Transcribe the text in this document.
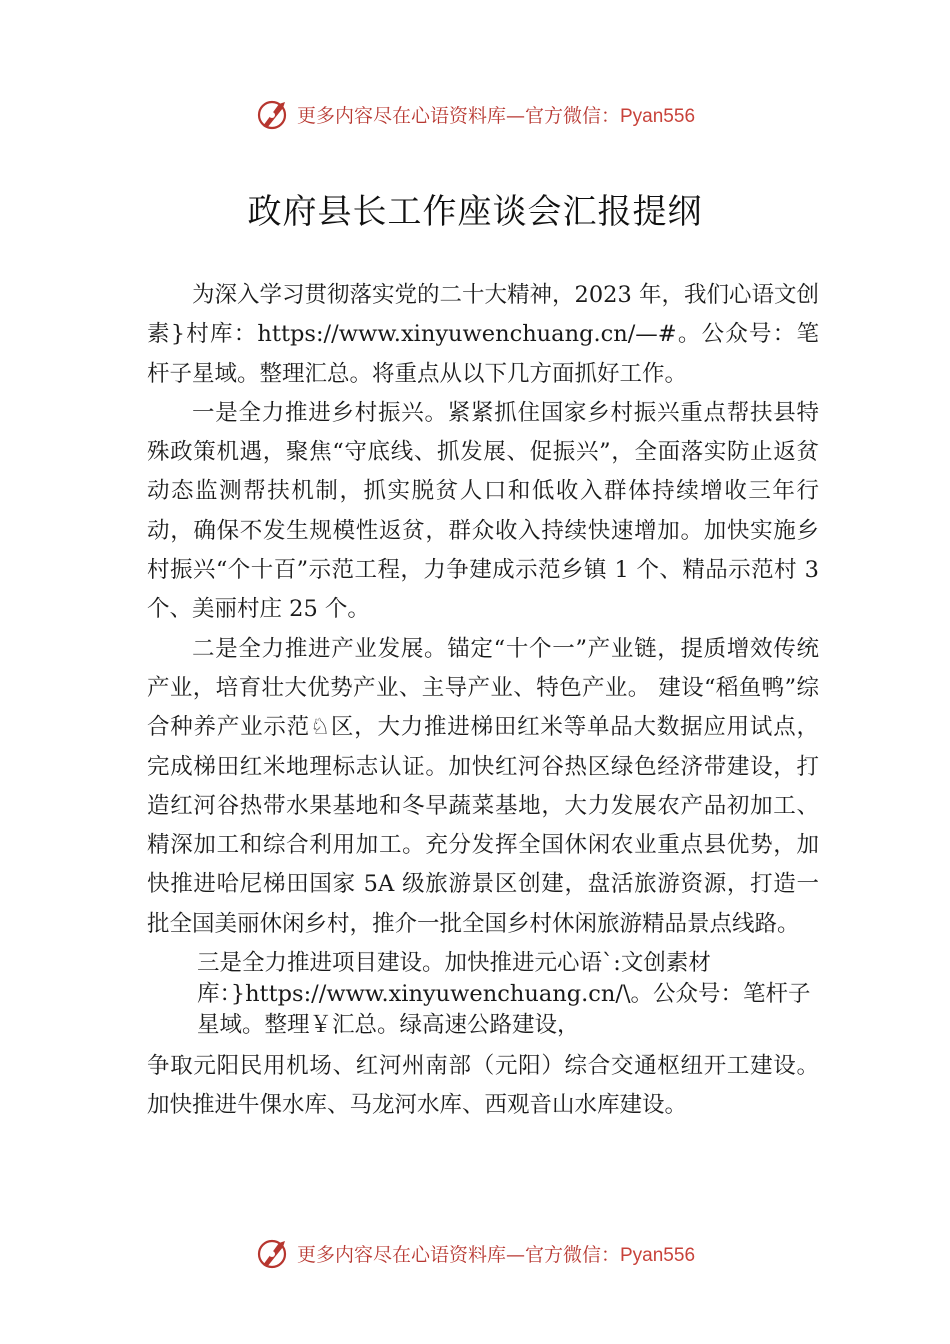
更多内容尽在心语资料库—官方微信：Pyan556
政府县长工作座谈会汇报提纲

为深入学习贯彻落实党的二十大精神，2023 年，我们心语文创素}村库：https://www.xinyuwenchuang.cn/—#。公众号：笔杆子星域。整理汇总。将重点从以下几方面抓好工作。

一是全力推进乡村振兴。紧紧抓住国家乡村振兴重点帮扶县特殊政策机遇，聚焦“守底线、抓发展、促振兴”，全面落实防止返贫动态监测帮扶机制，抓实脱贫人口和低收入群体持续增收三年行动，确保不发生规模性返贫，群众收入持续快速增加。加快实施乡村振兴“个十百”示范工程，力争建成示范乡镇 1 个、精品示范村 3 个、美丽村庄 25 个。

二是全力推进产业发展。锚定“十个一”产业链，提质增效传统产业，培育壮大优势产业、主导产业、特色产业。 建设“稻鱼鸭”综合种养产业示范♘区，大力推进梯田红米等单品大数据应用试点，完成梯田红米地理标志认证。加快红河谷热区绿色经济带建设，打造红河谷热带水果基地和冬早蔬菜基地，大力发展农产品初加工、精深加工和综合利用加工。充分发挥全国休闲农业重点县优势，加快推进哈尼梯田国家 5A 级旅游景区创建，盘活旅游资源，打造一批全国美丽休闲乡村，推介一批全国乡村休闲旅游精品景点线路。

三是全力推进项目建设。加快推进元心语`:文创素材库：}https://www.xinyuwenchuang.cn/\。公众号：笔杆子星域。整理￥汇总。绿高速公路建设，

争取元阳民用机场、红河州南部（元阳）综合交通枢纽开工建设。加快推进牛倮水库、马龙河水库、西观音山水库建设。

更多内容尽在心语资料库—官方微信：Pyan556
